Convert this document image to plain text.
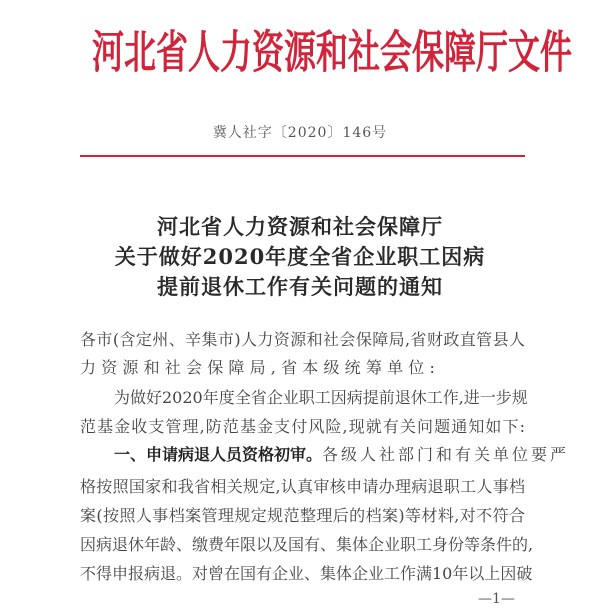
河北省人力资源和社会保障厅文件
冀人社字〔2020〕146号
河北省人力资源和社会保障厅
关于做好2020年度全省企业职工因病
提前退休工作有关问题的通知
各市(含定州、辛集市)人力资源和社会保障局,省财政直管县人
力资源和社会保障局,省本级统筹单位:
为做好2020年度全省企业职工因病提前退休工作,进一步规
范基金收支管理,防范基金支付风险,现就有关问题通知如下:
一、申请病退人员资格初审。各级人社部门和有关单位要严
格按照国家和我省相关规定,认真审核申请办理病退职工人事档
案(按照人事档案管理规定规范整理后的档案)等材料,对不符合
因病退休年龄、缴费年限以及国有、集体企业职工身份等条件的,
不得申报病退。对曾在国有企业、集体企业工作满10年以上因破
—1—
